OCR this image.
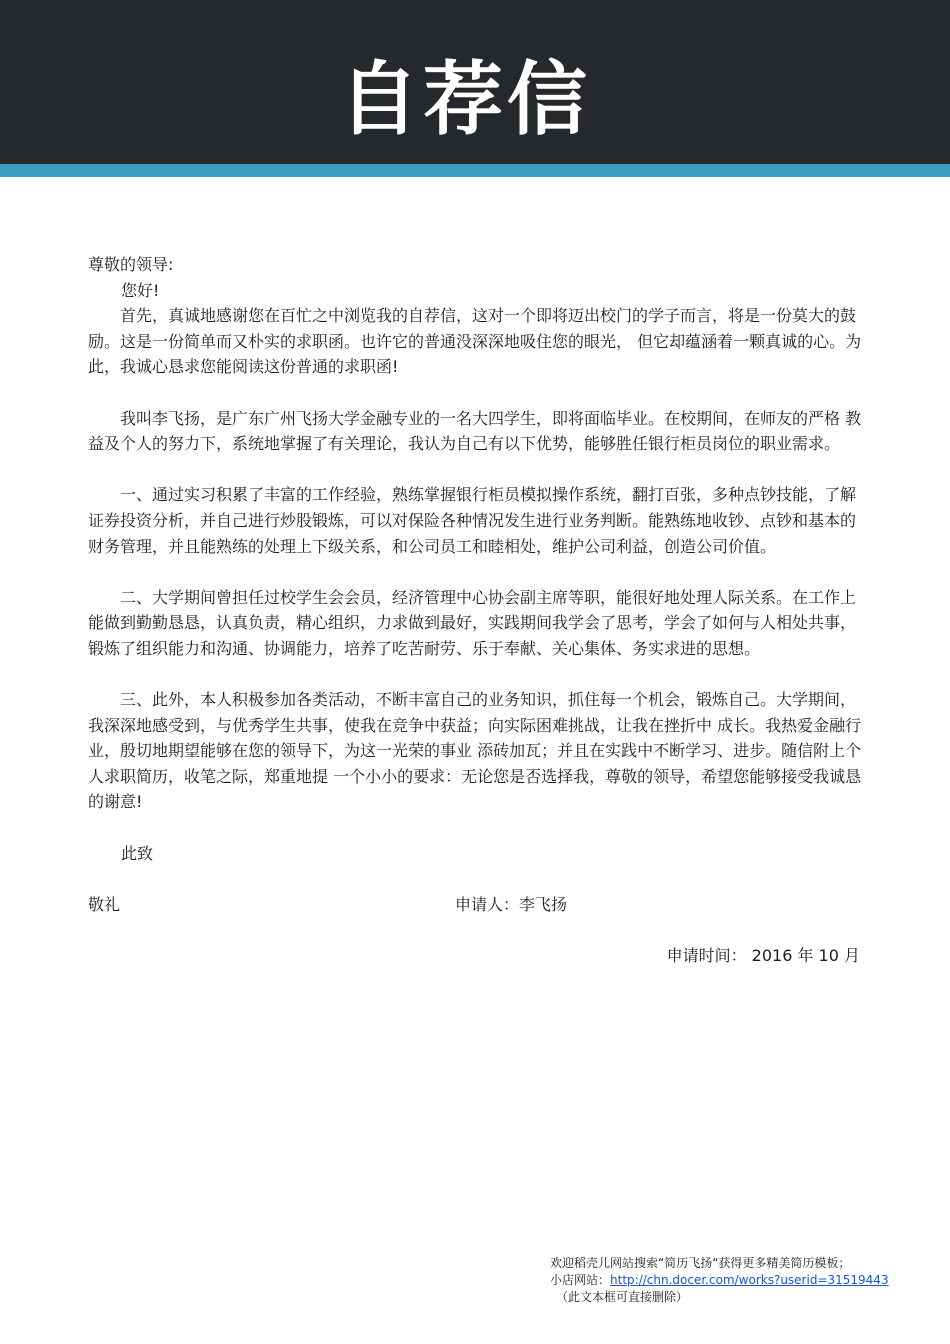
自荐信

尊敬的领导:

您好!

首先，真诚地感谢您在百忙之中浏览我的自荐信，这对一个即将迈出校门的学子而言，将是一份莫大的鼓励。这是一份简单而又朴实的求职函。也许它的普通没深深地吸住您的眼光， 但它却蕴涵着一颗真诚的心。为此，我诚心恳求您能阅读这份普通的求职函!

我叫李飞扬，是广东广州飞扬大学金融专业的一名大四学生，即将面临毕业。在校期间，在师友的严格 教益及个人的努力下，系统地掌握了有关理论，我认为自己有以下优势，能够胜任银行柜员岗位的职业需求。

一、通过实习积累了丰富的工作经验，熟练掌握银行柜员模拟操作系统，翻打百张，多种点钞技能，了解证券投资分析，并自己进行炒股锻炼，可以对保险各种情况发生进行业务判断。能熟练地收钞、点钞和基本的财务管理，并且能熟练的处理上下级关系，和公司员工和睦相处，维护公司利益，创造公司价值。

二、大学期间曾担任过校学生会会员，经济管理中心协会副主席等职，能很好地处理人际关系。在工作上能做到勤勤恳恳，认真负责，精心组织，力求做到最好，实践期间我学会了思考，学会了如何与人相处共事，锻炼了组织能力和沟通、协调能力，培养了吃苦耐劳、乐于奉献、关心集体、务实求进的思想。

三、此外，本人积极参加各类活动，不断丰富自己的业务知识，抓住每一个机会，锻炼自己。大学期间，我深深地感受到，与优秀学生共事，使我在竞争中获益；向实际困难挑战，让我在挫折中 成长。我热爱金融行业，殷切地期望能够在您的领导下，为这一光荣的事业 添砖加瓦；并且在实践中不断学习、进步。随信附上个人求职简历，收笔之际，郑重地提 一个小小的要求：无论您是否选择我，尊敬的领导，希望您能够接受我诚恳的谢意!

此致

敬礼	申请人：李飞扬

申请时间： 2016 年 10 月

欢迎稻壳儿网站搜索“简历飞扬“获得更多精美简历模板；
小店网站：http://chn.docer.com/works?userid=31519443
（此文本框可直接删除）
